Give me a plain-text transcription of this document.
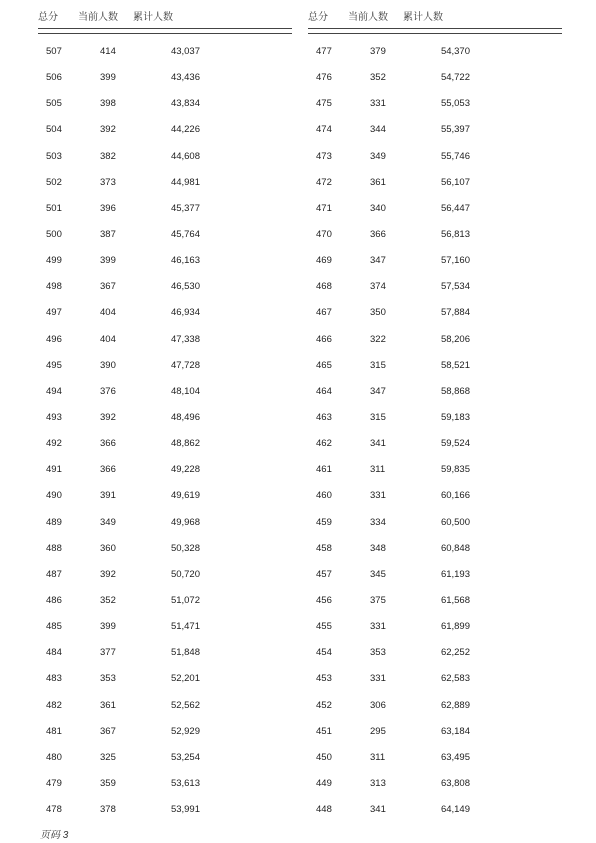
总分 当前人数 累计人数
507	414	43,037
506	399	43,436
505	398	43,834
504	392	44,226
503	382	44,608
502	373	44,981
501	396	45,377
500	387	45,764
499	399	46,163
498	367	46,530
497	404	46,934
496	404	47,338
495	390	47,728
494	376	48,104
493	392	48,496
492	366	48,862
491	366	49,228
490	391	49,619
489	349	49,968
488	360	50,328
487	392	50,720
486	352	51,072
485	399	51,471
484	377	51,848
483	353	52,201
482	361	52,562
481	367	52,929
480	325	53,254
479	359	53,613
478	378	53,991
总分 当前人数 累计人数
477	379	54,370
476	352	54,722
475	331	55,053
474	344	55,397
473	349	55,746
472	361	56,107
471	340	56,447
470	366	56,813
469	347	57,160
468	374	57,534
467	350	57,884
466	322	58,206
465	315	58,521
464	347	58,868
463	315	59,183
462	341	59,524
461	311	59,835
460	331	60,166
459	334	60,500
458	348	60,848
457	345	61,193
456	375	61,568
455	331	61,899
454	353	62,252
453	331	62,583
452	306	62,889
451	295	63,184
450	311	63,495
449	313	63,808
448	341	64,149
页码 3
